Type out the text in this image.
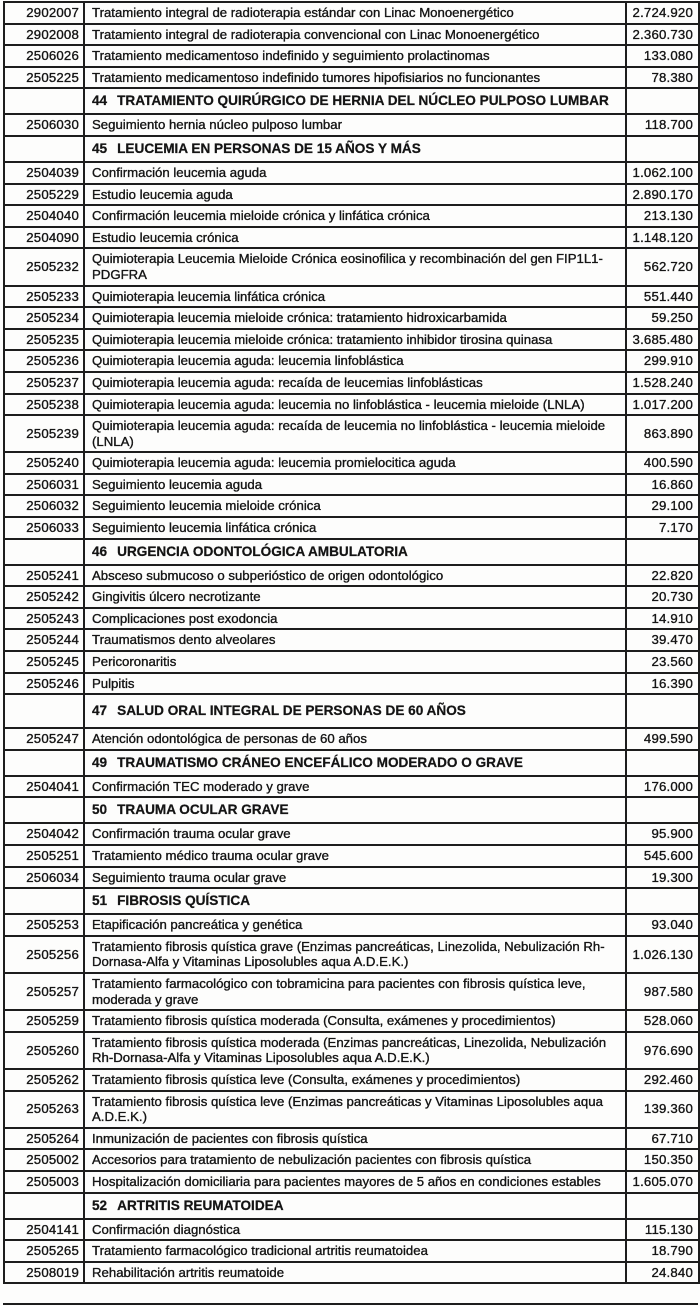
2902007	Tratamiento integral de radioterapia estándar con Linac Monoenergético	2.724.920
2902008	Tratamiento integral de radioterapia convencional con Linac Monoenergético	2.360.730
2506026	Tratamiento medicamentoso indefinido y seguimiento prolactinomas	133.080
2505225	Tratamiento medicamentoso indefinido tumores hipofisiarios no funcionantes	78.380
	44 TRATAMIENTO QUIRÚRGICO DE HERNIA DEL NÚCLEO PULPOSO LUMBAR	
2506030	Seguimiento hernia núcleo pulposo lumbar	118.700
	45 LEUCEMIA EN PERSONAS DE 15 AÑOS Y MÁS	
2504039	Confirmación leucemia aguda	1.062.100
2505229	Estudio leucemia aguda	2.890.170
2504040	Confirmación leucemia mieloide crónica y linfática crónica	213.130
2504090	Estudio leucemia crónica	1.148.120
2505232	Quimioterapia Leucemia Mieloide Crónica eosinofilica y recombinación del gen FIP1L1-PDGFRA	562.720
2505233	Quimioterapia leucemia linfática crónica	551.440
2505234	Quimioterapia leucemia mieloide crónica: tratamiento hidroxicarbamida	59.250
2505235	Quimioterapia leucemia mieloide crónica: tratamiento inhibidor tirosina quinasa	3.685.480
2505236	Quimioterapia leucemia aguda: leucemia linfoblástica	299.910
2505237	Quimioterapia leucemia aguda: recaída de leucemias linfoblásticas	1.528.240
2505238	Quimioterapia leucemia aguda: leucemia no linfoblástica - leucemia mieloide (LNLA)	1.017.200
2505239	Quimioterapia leucemia aguda: recaída de leucemia no linfoblástica - leucemia mieloide (LNLA)	863.890
2505240	Quimioterapia leucemia aguda: leucemia promielocitica aguda	400.590
2506031	Seguimiento leucemia aguda	16.860
2506032	Seguimiento leucemia mieloide crónica	29.100
2506033	Seguimiento leucemia linfática crónica	7.170
	46 URGENCIA ODONTOLÓGICA AMBULATORIA	
2505241	Absceso submucoso o subperióstico de origen odontológico	22.820
2505242	Gingivitis úlcero necrotizante	20.730
2505243	Complicaciones post exodoncia	14.910
2505244	Traumatismos dento alveolares	39.470
2505245	Pericoronaritis	23.560
2505246	Pulpitis	16.390
	47 SALUD ORAL INTEGRAL DE PERSONAS DE 60 AÑOS	
2505247	Atención odontológica de personas de 60 años	499.590
	49 TRAUMATISMO CRÁNEO ENCEFÁLICO MODERADO O GRAVE	
2504041	Confirmación TEC moderado y grave	176.000
	50 TRAUMA OCULAR GRAVE	
2504042	Confirmación trauma ocular grave	95.900
2505251	Tratamiento médico trauma ocular grave	545.600
2506034	Seguimiento trauma ocular grave	19.300
	51 FIBROSIS QUÍSTICA	
2505253	Etapificación pancreática y genética	93.040
2505256	Tratamiento fibrosis quística grave (Enzimas pancreáticas, Linezolida, Nebulización Rh-Dornasa-Alfa y Vitaminas Liposolubles aqua A.D.E.K.)	1.026.130
2505257	Tratamiento farmacológico con tobramicina para pacientes con fibrosis quística leve, moderada y grave	987.580
2505259	Tratamiento fibrosis quística moderada (Consulta, exámenes y procedimientos)	528.060
2505260	Tratamiento fibrosis quística moderada (Enzimas pancreáticas, Linezolida, Nebulización Rh-Dornasa-Alfa y Vitaminas Liposolubles aqua A.D.E.K.)	976.690
2505262	Tratamiento fibrosis quística leve (Consulta, exámenes y procedimientos)	292.460
2505263	Tratamiento fibrosis quística leve (Enzimas pancreáticas y Vitaminas Liposolubles aqua A.D.E.K.)	139.360
2505264	Inmunización de pacientes con fibrosis quística	67.710
2505002	Accesorios para tratamiento de nebulización pacientes con fibrosis quística	150.350
2505003	Hospitalización domiciliaria para pacientes mayores de 5 años en condiciones estables	1.605.070
	52 ARTRITIS REUMATOIDEA	
2504141	Confirmación diagnóstica	115.130
2505265	Tratamiento farmacológico tradicional artritis reumatoidea	18.790
2508019	Rehabilitación artritis reumatoide	24.840
